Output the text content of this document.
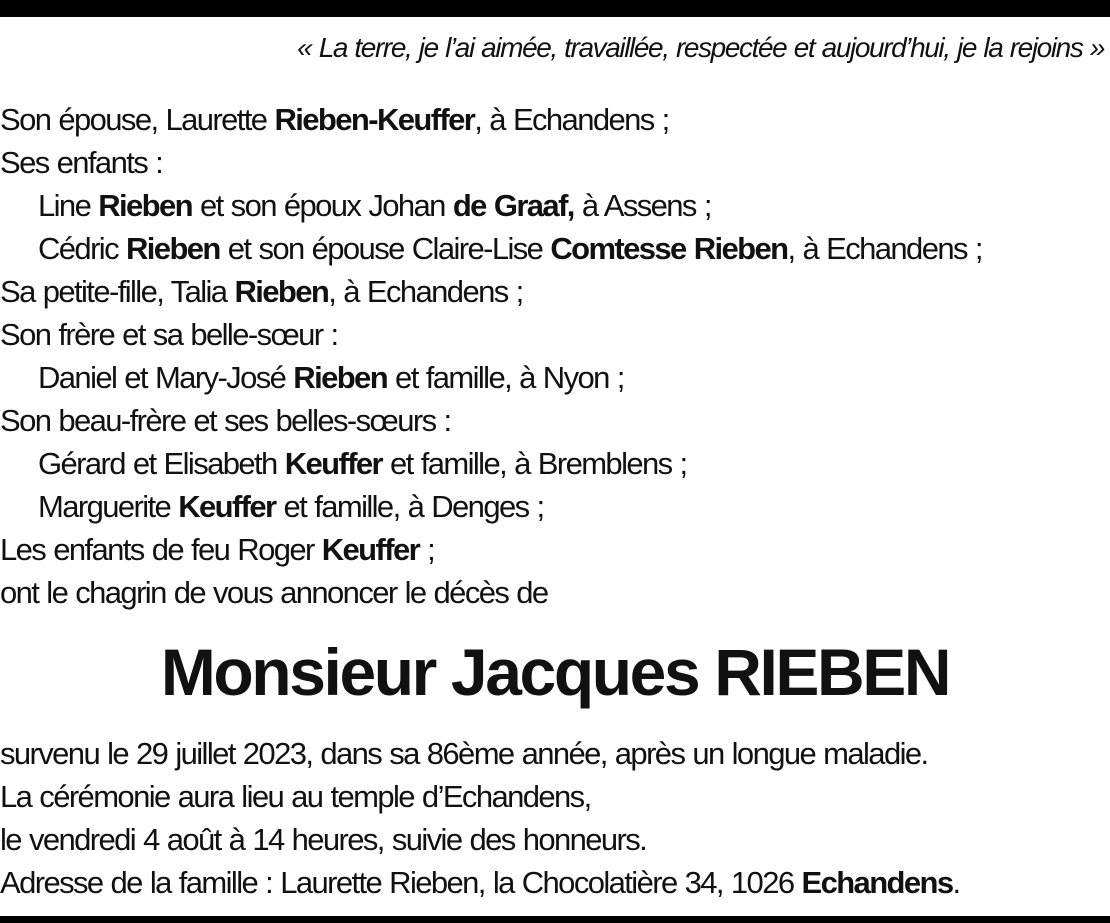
« La terre, je l’ai aimée, travaillée, respectée et aujourd’hui, je la rejoins »
Son épouse, Laurette Rieben-Keuffer, à Echandens ;
Ses enfants :
Line Rieben et son époux Johan de Graaf, à Assens ;
Cédric Rieben et son épouse Claire-Lise Comtesse Rieben, à Echandens ;
Sa petite-fille, Talia Rieben, à Echandens ;
Son frère et sa belle-sœur :
Daniel et Mary-José Rieben et famille, à Nyon ;
Son beau-frère et ses belles-sœurs :
Gérard et Elisabeth Keuffer et famille, à Bremblens ;
Marguerite Keuffer et famille, à Denges ;
Les enfants de feu Roger Keuffer ;
ont le chagrin de vous annoncer le décès de
Monsieur Jacques RIEBEN
survenu le 29 juillet 2023, dans sa 86ème année, après un longue maladie.
La cérémonie aura lieu au temple d’Echandens,
le vendredi 4 août à 14 heures, suivie des honneurs.
Adresse de la famille : Laurette Rieben, la Chocolatière 34, 1026 Echandens.
